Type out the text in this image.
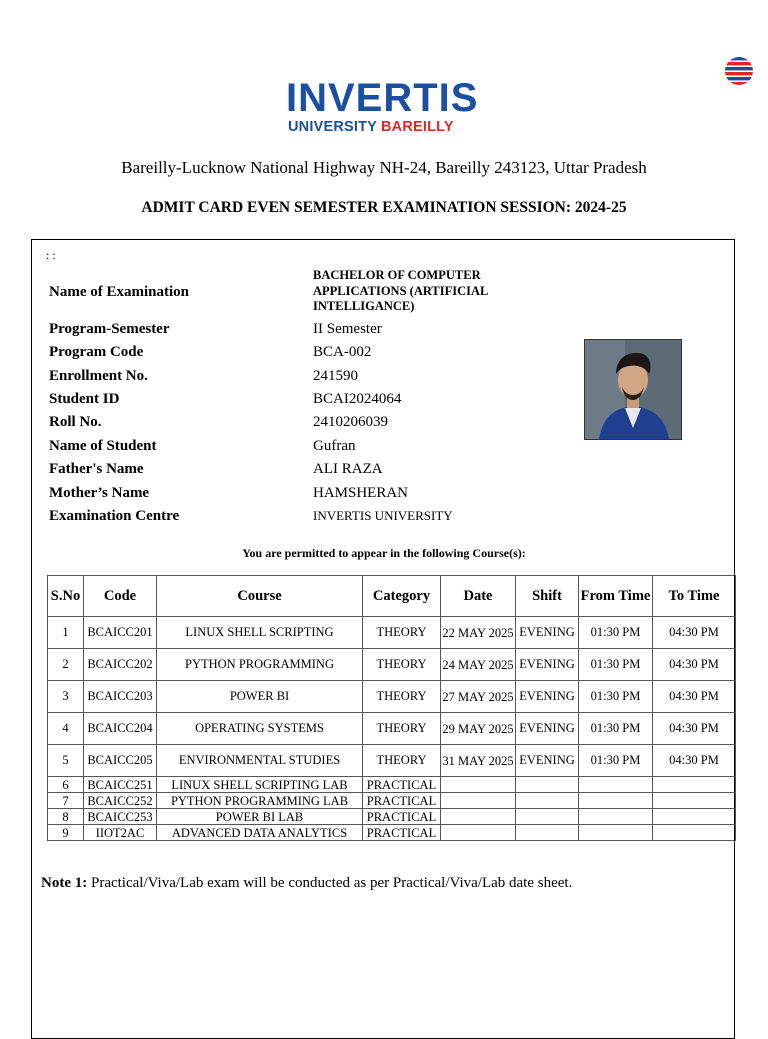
INVERTIS
UNIVERSITY BAREILLY
Bareilly-Lucknow National Highway NH-24, Bareilly 243123, Uttar Pradesh
ADMIT CARD EVEN SEMESTER EXAMINATION SESSION: 2024-25
: :
Name of Examination
BACHELOR OF COMPUTER APPLICATIONS (ARTIFICIAL INTELLIGANCE)
Program-Semester	II Semester
Program Code	BCA-002
Enrollment No.	241590
Student ID	BCAI2024064
Roll No.	2410206039
Name of Student	Gufran
Father's Name	ALI RAZA
Mother’s Name	HAMSHERAN
Examination Centre	INVERTIS UNIVERSITY
You are permitted to appear in the following Course(s):
S.No	Code	Course	Category	Date	Shift	From Time	To Time
1	BCAICC201	LINUX SHELL SCRIPTING	THEORY	22 MAY 2025	EVENING	01:30 PM	04:30 PM
2	BCAICC202	PYTHON PROGRAMMING	THEORY	24 MAY 2025	EVENING	01:30 PM	04:30 PM
3	BCAICC203	POWER BI	THEORY	27 MAY 2025	EVENING	01:30 PM	04:30 PM
4	BCAICC204	OPERATING SYSTEMS	THEORY	29 MAY 2025	EVENING	01:30 PM	04:30 PM
5	BCAICC205	ENVIRONMENTAL STUDIES	THEORY	31 MAY 2025	EVENING	01:30 PM	04:30 PM
6	BCAICC251	LINUX SHELL SCRIPTING LAB	PRACTICAL				
7	BCAICC252	PYTHON PROGRAMMING LAB	PRACTICAL				
8	BCAICC253	POWER BI LAB	PRACTICAL				
9	IIOT2AC	ADVANCED DATA ANALYTICS	PRACTICAL				
Note 1: Practical/Viva/Lab exam will be conducted as per Practical/Viva/Lab date sheet.
